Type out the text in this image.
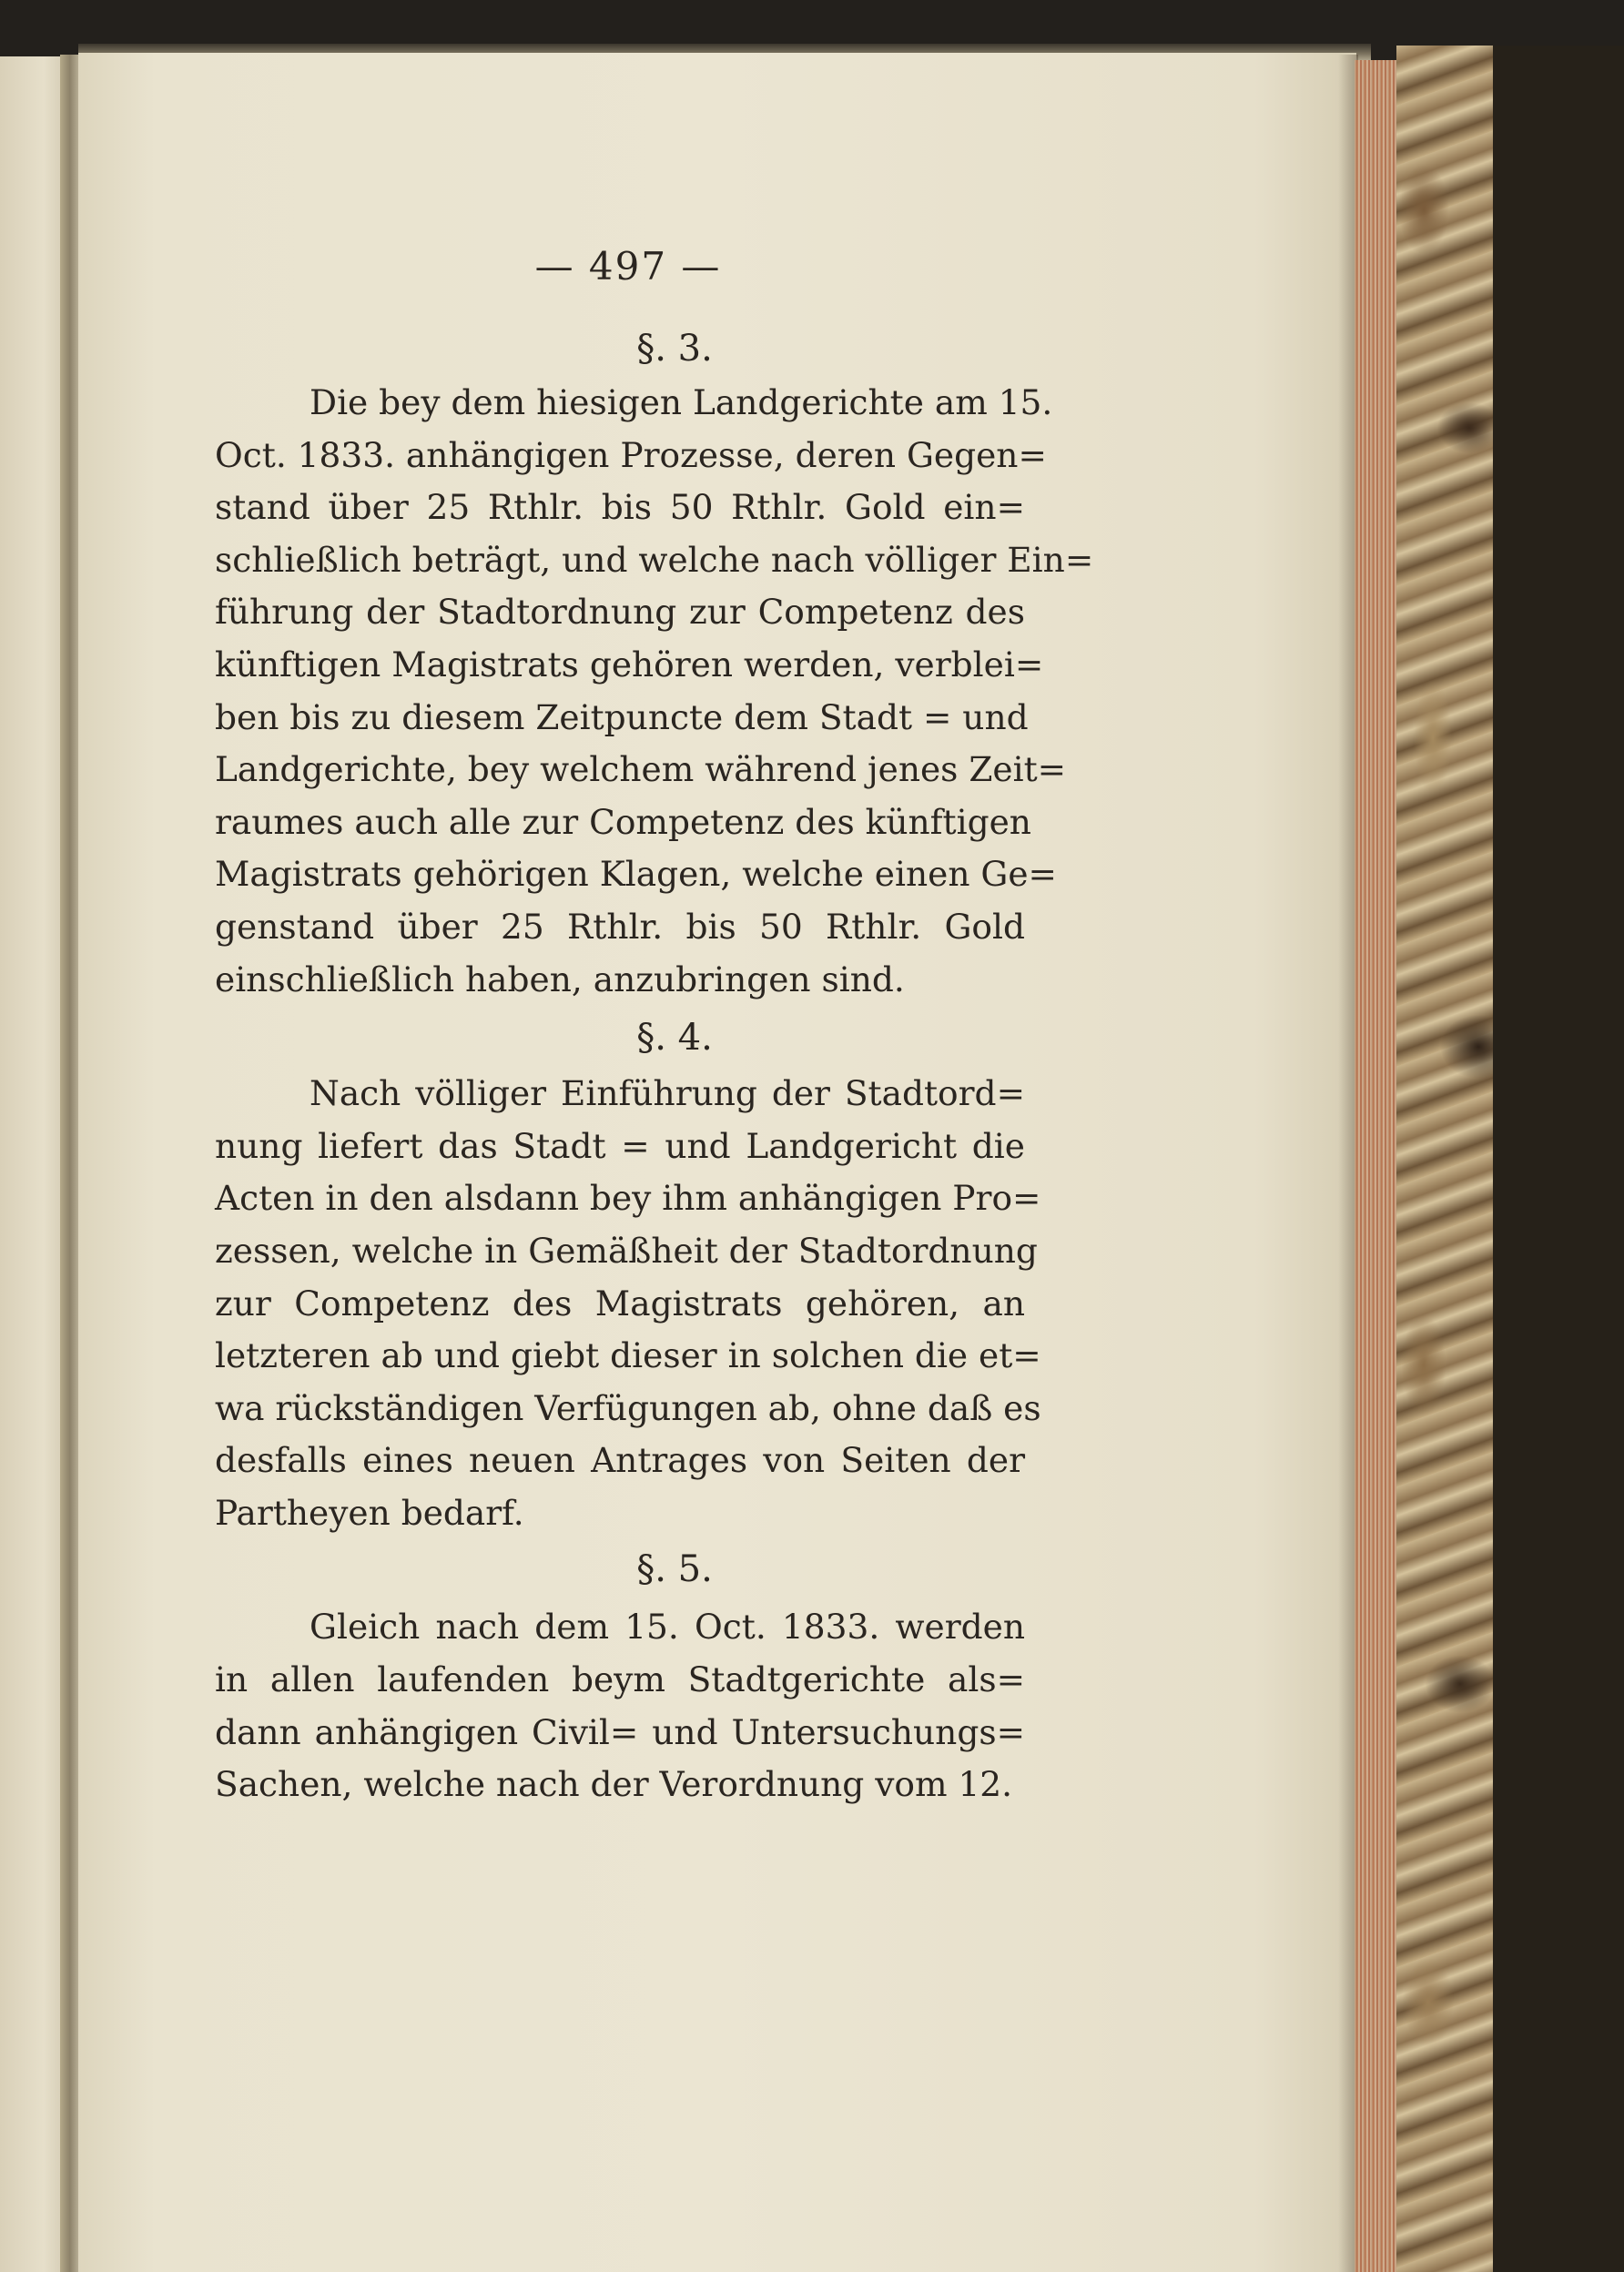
— 497 —
§. 3.
Die bey dem hiesigen Landgerichte am 15.
Oct. 1833. anhängigen Prozesse, deren Gegen=
stand über 25 Rthlr. bis 50 Rthlr. Gold ein=
schließlich beträgt, und welche nach völliger Ein=
führung der Stadtordnung zur Competenz des
künftigen Magistrats gehören werden, verblei=
ben bis zu diesem Zeitpuncte dem Stadt = und
Landgerichte, bey welchem während jenes Zeit=
raumes auch alle zur Competenz des künftigen
Magistrats gehörigen Klagen, welche einen Ge=
genstand über 25 Rthlr. bis 50 Rthlr. Gold
einschließlich haben, anzubringen sind.
§. 4.
Nach völliger Einführung der Stadtord=
nung liefert das Stadt = und Landgericht die
Acten in den alsdann bey ihm anhängigen Pro=
zessen, welche in Gemäßheit der Stadtordnung
zur Competenz des Magistrats gehören, an
letzteren ab und giebt dieser in solchen die et=
wa rückständigen Verfügungen ab, ohne daß es
desfalls eines neuen Antrages von Seiten der
Partheyen bedarf.
§. 5.
Gleich nach dem 15. Oct. 1833. werden
in allen laufenden beym Stadtgerichte als=
dann anhängigen Civil= und Untersuchungs=
Sachen, welche nach der Verordnung vom 12.
